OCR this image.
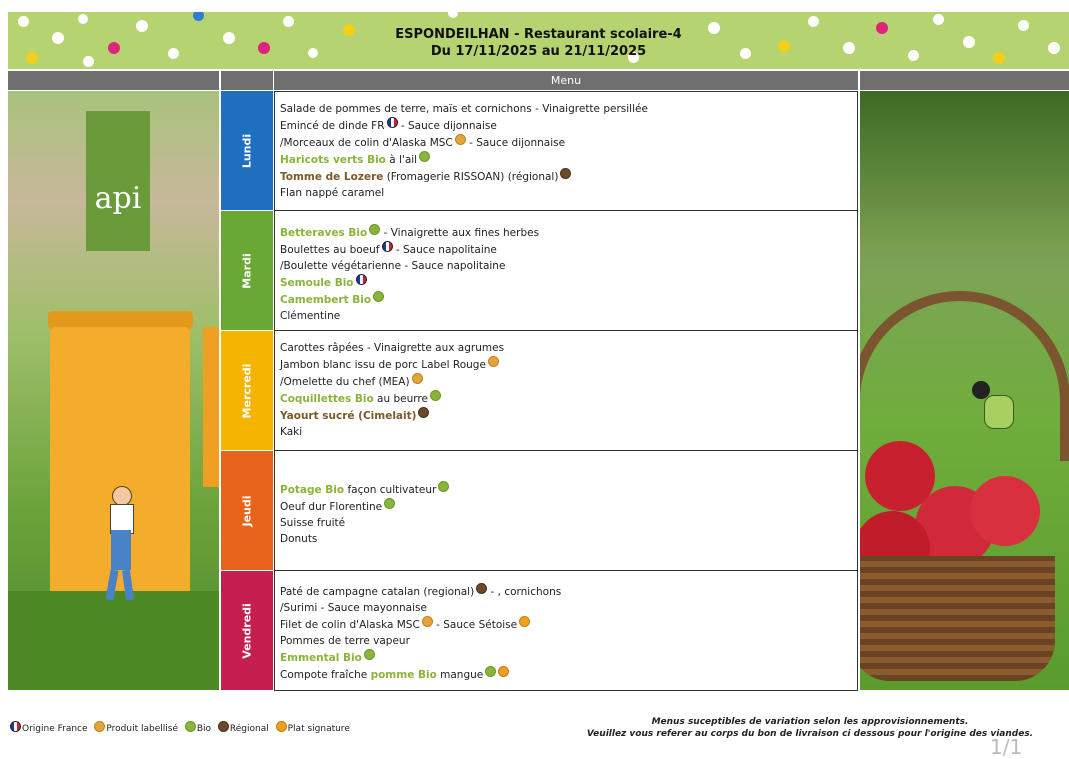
ESPONDEILHAN - Restaurant scolaire-4
Du 17/11/2025 au 21/11/2025
Menu
api
Lundi
Mardi
Mercredi
Jeudi
Vendredi
Salade de pommes de terre, maïs et cornichons - Vinaigrette persillée
Emincé de dinde FR - Sauce dijonnaise
/Morceaux de colin d'Alaska MSC - Sauce dijonnaise
Haricots verts Bio à l'ail
Tomme de Lozere (Fromagerie RISSOAN) (régional)
Flan nappé caramel
Betteraves Bio - Vinaigrette aux fines herbes
Boulettes au boeuf - Sauce napolitaine
/Boulette végétarienne - Sauce napolitaine
Semoule Bio
Camembert Bio
Clémentine
Carottes râpées - Vinaigrette aux agrumes
Jambon blanc issu de porc Label Rouge
/Omelette du chef (MEA)
Coquillettes Bio au beurre
Yaourt sucré (Cimelait)
Kaki
Potage Bio façon cultivateur
Oeuf dur Florentine
Suisse fruité
Donuts
Paté de campagne catalan (regional) - , cornichons
/Surimi - Sauce mayonnaise
Filet de colin d'Alaska MSC - Sauce Sétoise
Pommes de terre vapeur
Emmental Bio
Compote fraîche pomme Bio mangue
Origine France Produit labellisé Bio Régional Plat signature
Menus suceptibles de variation selon les approvisionnements.
Veuillez vous referer au corps du bon de livraison ci dessous pour l'origine des viandes.
1/1
